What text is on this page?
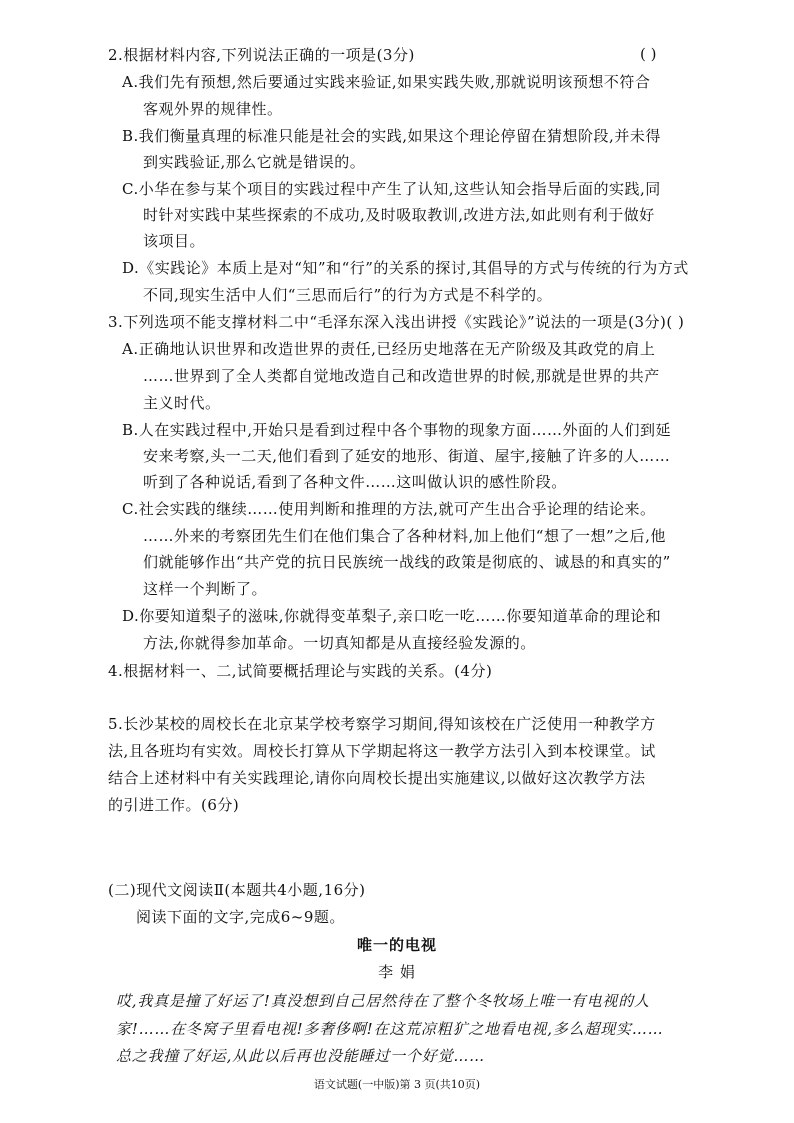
2.根据材料内容,下列说法正确的一项是(3分)	( )
A.我们先有预想,然后要通过实践来验证,如果实践失败,那就说明该预想不符合
客观外界的规律性。
B.我们衡量真理的标准只能是社会的实践,如果这个理论停留在猜想阶段,并未得
到实践验证,那么它就是错误的。
C.小华在参与某个项目的实践过程中产生了认知,这些认知会指导后面的实践,同
时针对实践中某些探索的不成功,及时吸取教训,改进方法,如此则有利于做好
该项目。
D.《实践论》本质上是对“知”和“行”的关系的探讨,其倡导的方式与传统的行为方式
不同,现实生活中人们“三思而后行”的行为方式是不科学的。
3.下列选项不能支撑材料二中“毛泽东深入浅出讲授《实践论》”说法的一项是(3分)( )
A.正确地认识世界和改造世界的责任,已经历史地落在无产阶级及其政党的肩上
……世界到了全人类都自觉地改造自己和改造世界的时候,那就是世界的共产
主义时代。
B.人在实践过程中,开始只是看到过程中各个事物的现象方面……外面的人们到延
安来考察,头一二天,他们看到了延安的地形、街道、屋宇,接触了许多的人……
听到了各种说话,看到了各种文件……这叫做认识的感性阶段。
C.社会实践的继续……使用判断和推理的方法,就可产生出合乎论理的结论来。
……外来的考察团先生们在他们集合了各种材料,加上他们“想了一想”之后,他
们就能够作出“共产党的抗日民族统一战线的政策是彻底的、诚恳的和真实的”
这样一个判断了。
D.你要知道梨子的滋味,你就得变革梨子,亲口吃一吃……你要知道革命的理论和
方法,你就得参加革命。一切真知都是从直接经验发源的。
4.根据材料一、二,试简要概括理论与实践的关系。(4分)
5.长沙某校的周校长在北京某学校考察学习期间,得知该校在广泛使用一种教学方
法,且各班均有实效。周校长打算从下学期起将这一教学方法引入到本校课堂。试
结合上述材料中有关实践理论,请你向周校长提出实施建议,以做好这次教学方法
的引进工作。(6分)
(二)现代文阅读Ⅱ(本题共4小题,16分)
阅读下面的文字,完成6~9题。
唯一的电视
李 娟
哎,我真是撞了好运了!真没想到自己居然待在了整个冬牧场上唯一有电视的人
家!……在冬窝子里看电视!多奢侈啊!在这荒凉粗犷之地看电视,多么超现实……
总之我撞了好运,从此以后再也没能睡过一个好觉……
语文试题(一中版)第 3 页(共10页)
